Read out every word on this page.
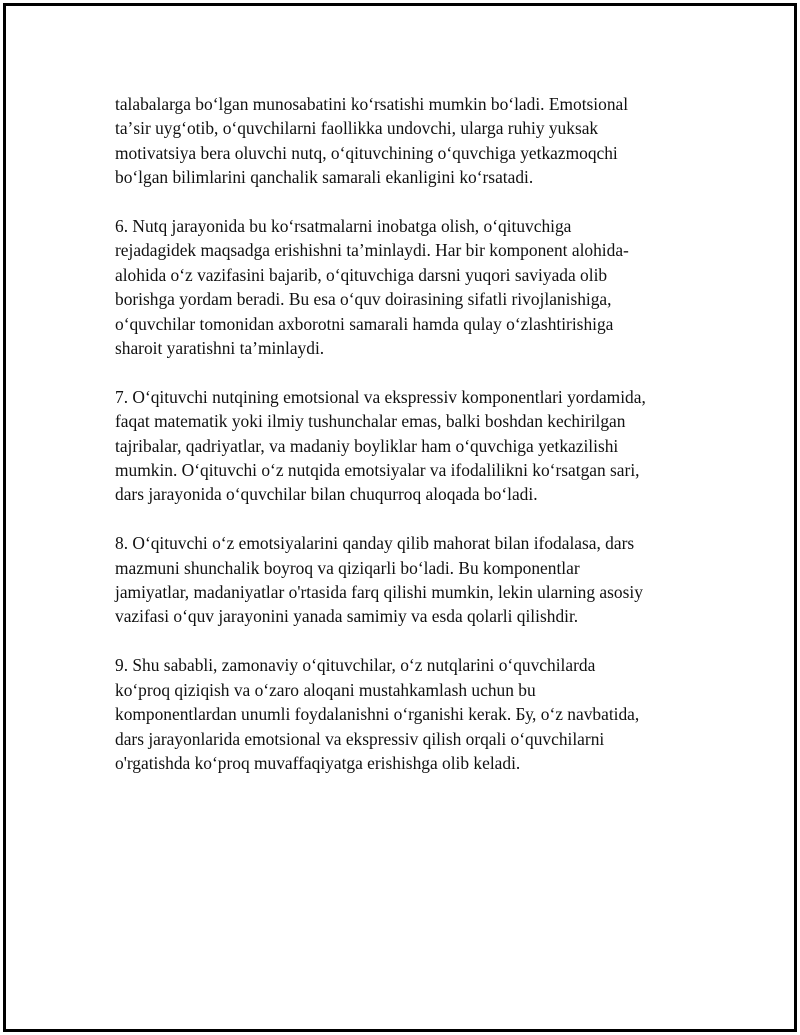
talabalarga boʻlgan munosabatini koʻrsatishi mumkin boʻladi. Emotsional
taʼsir uygʻotib, oʻquvchilarni faollikka undovchi, ularga ruhiy yuksak
motivatsiya bera oluvchi nutq, oʻqituvchining oʻquvchiga yetkazmoqchi
boʻlgan bilimlarini qanchalik samarali ekanligini koʻrsatadi.

6. Nutq jarayonida bu koʻrsatmalarni inobatga olish, oʻqituvchiga
rejadagidek maqsadga erishishni taʼminlaydi. Har bir komponent alohida-
alohida oʻz vazifasini bajarib, oʻqituvchiga darsni yuqori saviyada olib
borishga yordam beradi. Bu esa oʻquv doirasining sifatli rivojlanishiga,
oʻquvchilar tomonidan axborotni samarali hamda qulay oʻzlashtirishiga
sharoit yaratishni taʼminlaydi.

7. Oʻqituvchi nutqining emotsional va ekspressiv komponentlari yordamida,
faqat matematik yoki ilmiy tushunchalar emas, balki boshdan kechirilgan
tajribalar, qadriyatlar, va madaniy boyliklar ham oʻquvchiga yetkazilishi
mumkin. Oʻqituvchi oʻz nutqida emotsiyalar va ifodalilikni koʻrsatgan sari,
dars jarayonida oʻquvchilar bilan chuqurroq aloqada boʻladi.

8. Oʻqituvchi oʻz emotsiyalarini qanday qilib mahorat bilan ifodalasa, dars
mazmuni shunchalik boyroq va qiziqarli boʻladi. Bu komponentlar
jamiyatlar, madaniyatlar o'rtasida farq qilishi mumkin, lekin ularning asosiy
vazifasi oʻquv jarayonini yanada samimiy va esda qolarli qilishdir.

9. Shu sababli, zamonaviy oʻqituvchilar, oʻz nutqlarini oʻquvchilarda
koʻproq qiziqish va oʻzaro aloqani mustahkamlash uchun bu
komponentlardan unumli foydalanishni oʻrganishi kerak. Бу, oʻz navbatida,
dars jarayonlarida emotsional va ekspressiv qilish orqali oʻquvchilarni
o'rgatishda koʻproq muvaffaqiyatga erishishga olib keladi.
